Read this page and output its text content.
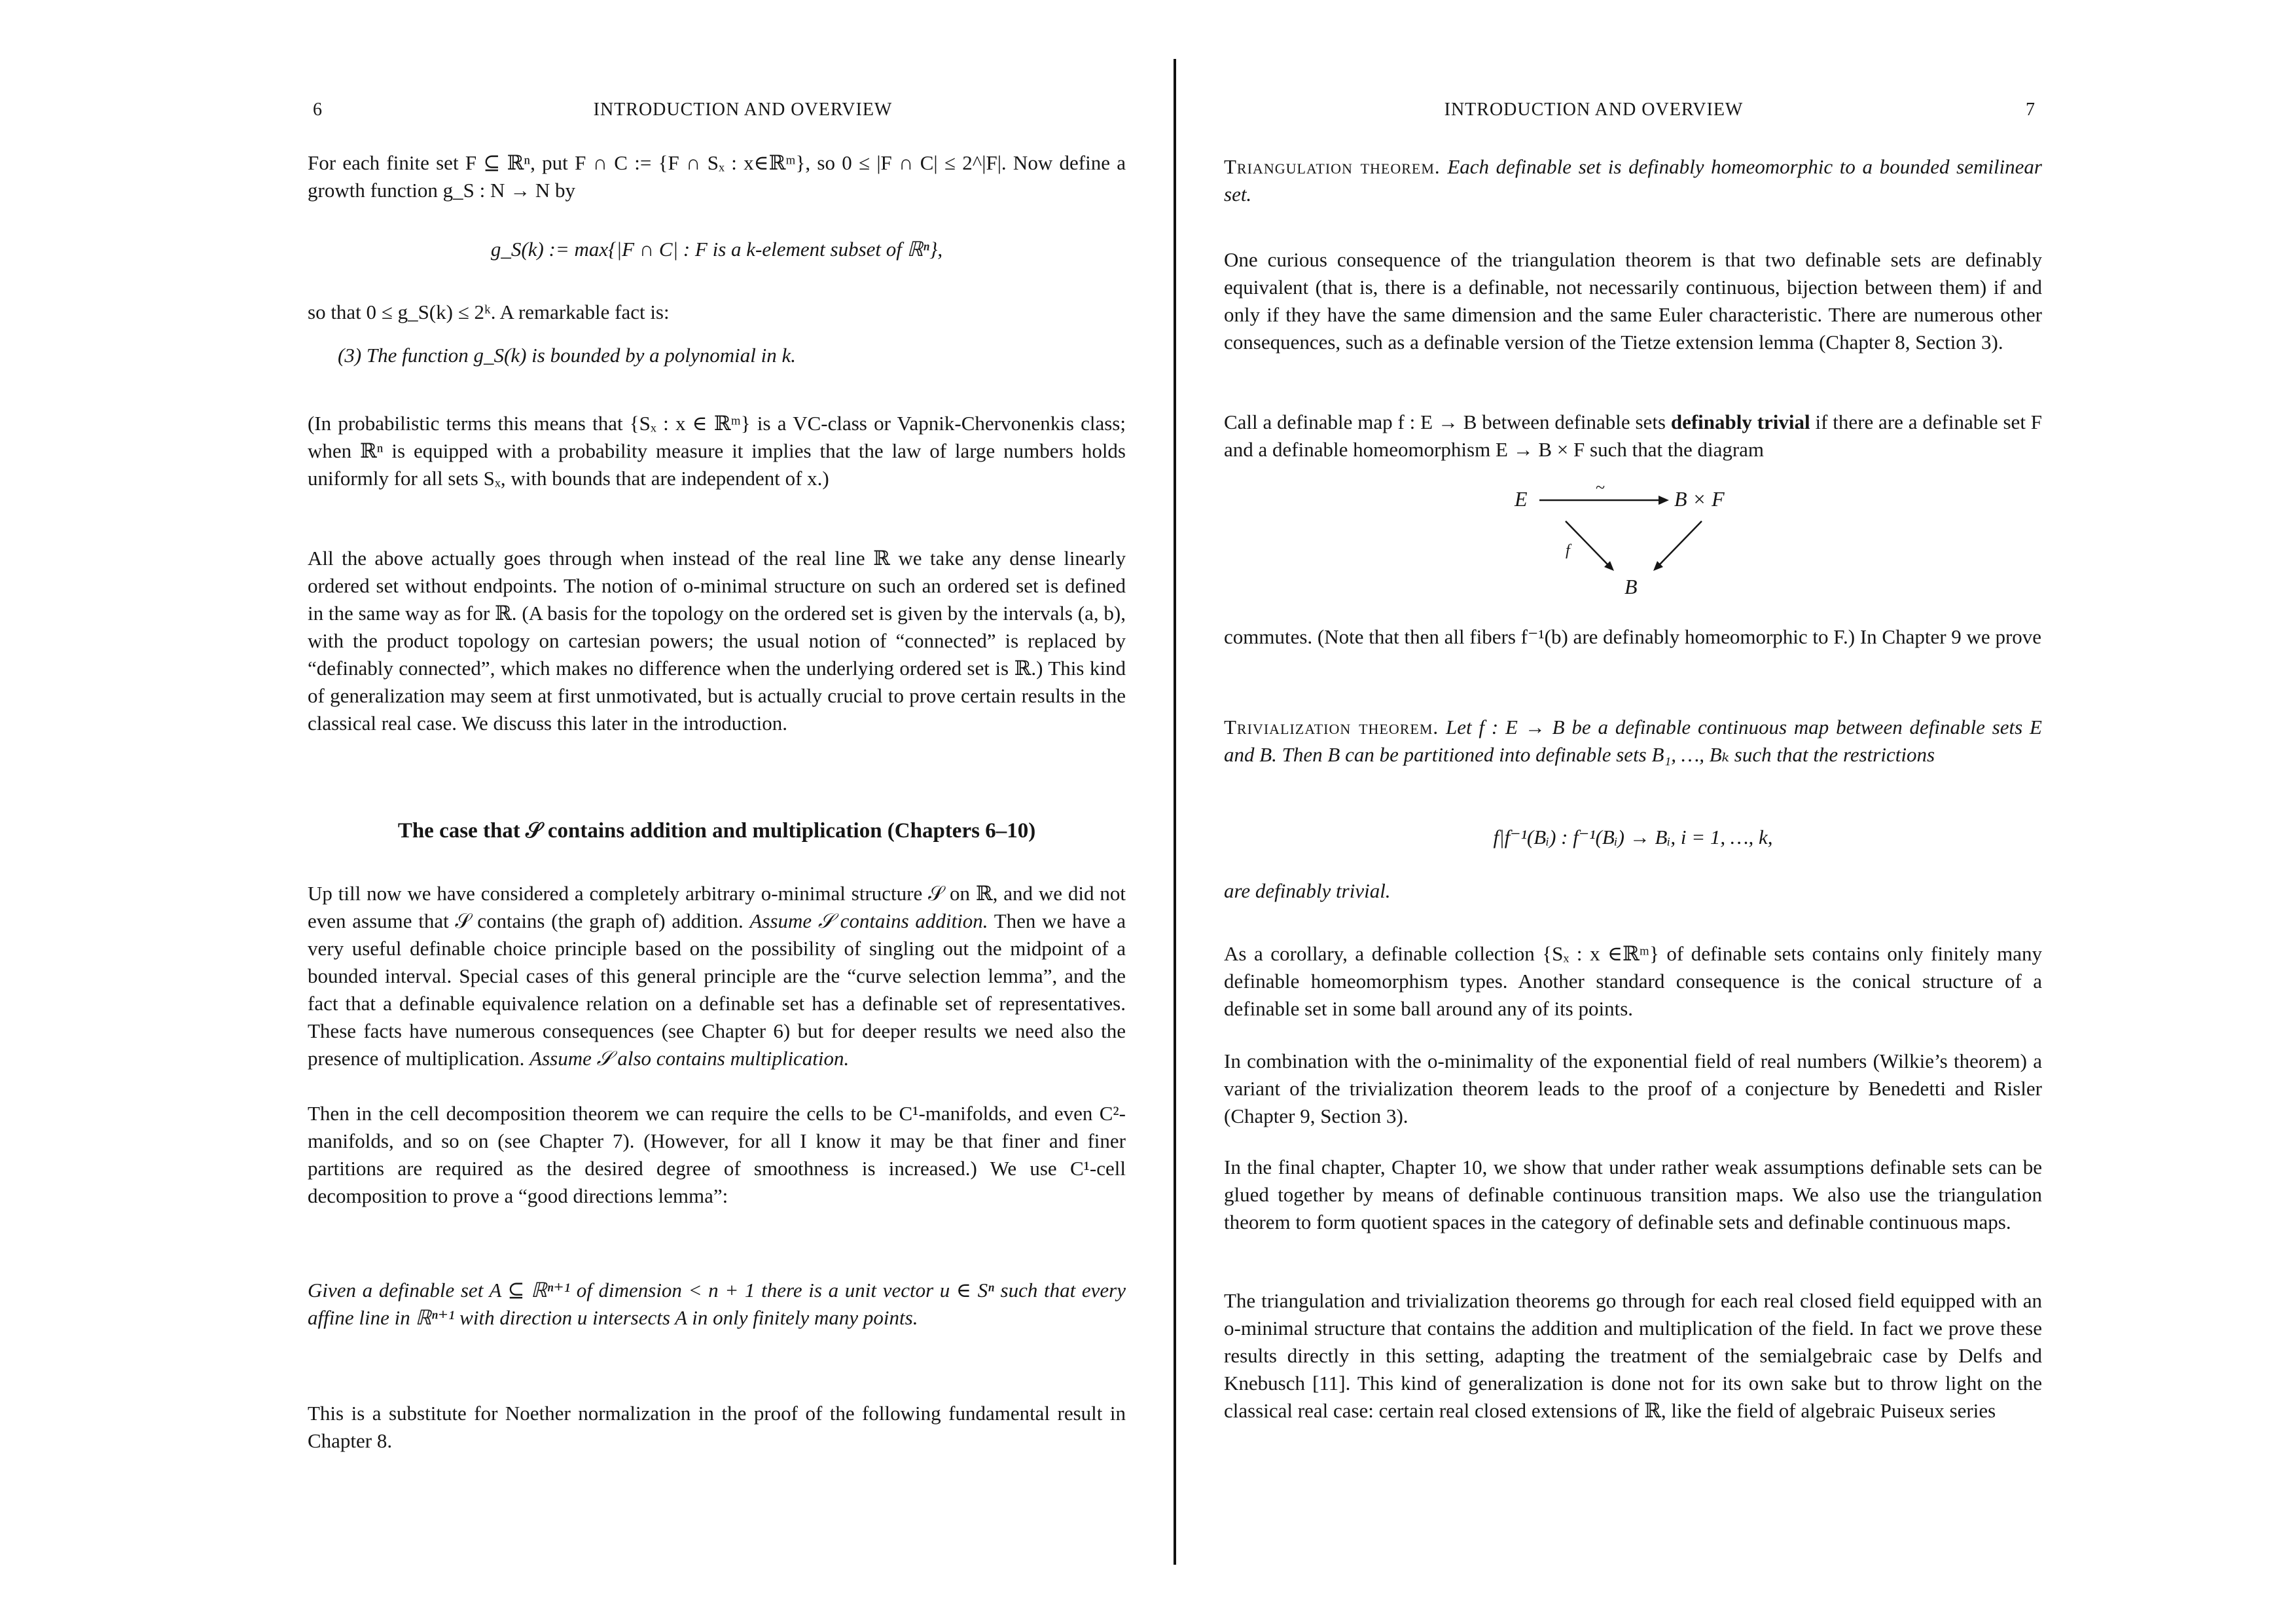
6	INTRODUCTION AND OVERVIEW

For each finite set F ⊆ ℝⁿ, put F ∩ C := {F ∩ Sₓ : x∈ℝᵐ}, so 0 ≤ |F ∩ C| ≤ 2^|F|. Now define a growth function g_S : N → N by

g_S(k) := max{|F ∩ C| : F is a k-element subset of ℝⁿ},
so that 0 ≤ g_S(k) ≤ 2ᵏ. A remarkable fact is:
(3) The function g_S(k) is bounded by a polynomial in k.
(In probabilistic terms this means that {Sₓ : x ∈ ℝᵐ} is a VC-class or Vapnik-Chervonenkis class; when ℝⁿ is equipped with a probability measure it implies that the law of large numbers holds uniformly for all sets Sₓ, with bounds that are independent of x.)
All the above actually goes through when instead of the real line ℝ we take any dense linearly ordered set without endpoints. The notion of o-minimal structure on such an ordered set is defined in the same way as for ℝ. (A basis for the topology on the ordered set is given by the intervals (a, b), with the product topology on cartesian powers; the usual notion of “connected” is replaced by “definably connected”, which makes no difference when the underlying ordered set is ℝ.) This kind of generalization may seem at first unmotivated, but is actually crucial to prove certain results in the classical real case. We discuss this later in the introduction.
The case that 𝒮 contains addition and multiplication (Chapters 6–10)

Up till now we have considered a completely arbitrary o-minimal structure 𝒮 on ℝ, and we did not even assume that 𝒮 contains (the graph of) addition. Assume 𝒮 contains addition. Then we have a very useful definable choice principle based on the possibility of singling out the midpoint of a bounded interval. Special cases of this general principle are the “curve selection lemma”, and the fact that a definable equivalence relation on a definable set has a definable set of representatives. These facts have numerous consequences (see Chapter 6) but for deeper results we need also the presence of multiplication. Assume 𝒮 also contains multiplication.

Then in the cell decomposition theorem we can require the cells to be C¹-manifolds, and even C²-manifolds, and so on (see Chapter 7). (However, for all I know it may be that finer and finer partitions are required as the desired degree of smoothness is increased.) We use C¹-cell decomposition to prove a “good directions lemma”:
Given a definable set A ⊆ ℝⁿ⁺¹ of dimension < n + 1 there is a unit vector u ∈ Sⁿ such that every affine line in ℝⁿ⁺¹ with direction u intersects A in only finitely many points.
This is a substitute for Noether normalization in the proof of the following fundamental result in Chapter 8.
INTRODUCTION AND OVERVIEW	7

Triangulation theorem. Each definable set is definably homeomorphic to a bounded semilinear set.

One curious consequence of the triangulation theorem is that two definable sets are definably equivalent (that is, there is a definable, not necessarily continuous, bijection between them) if and only if they have the same dimension and the same Euler characteristic. There are numerous other consequences, such as a definable version of the Tietze extension lemma (Chapter 8, Section 3).

Call a definable map f : E → B between definable sets definably trivial if there are a definable set F and a definable homeomorphism E → B × F such that the diagram

E	B × F
B
~
f
commutes. (Note that then all fibers f⁻¹(b) are definably homeomorphic to F.) In Chapter 9 we prove

Trivialization theorem. Let f : E → B be a definable continuous map between definable sets E and B. Then B can be partitioned into definable sets B₁, …, Bₖ such that the restrictions

f|f⁻¹(Bᵢ) : f⁻¹(Bᵢ) → Bᵢ, i = 1, …, k,
are definably trivial.
As a corollary, a definable collection {Sₓ : x ∈ℝᵐ} of definable sets contains only finitely many definable homeomorphism types. Another standard consequence is the conical structure of a definable set in some ball around any of its points.
In combination with the o-minimality of the exponential field of real numbers (Wilkie’s theorem) a variant of the trivialization theorem leads to the proof of a conjecture by Benedetti and Risler (Chapter 9, Section 3).
In the final chapter, Chapter 10, we show that under rather weak assumptions definable sets can be glued together by means of definable continuous transition maps. We also use the triangulation theorem to form quotient spaces in the category of definable sets and definable continuous maps.
The triangulation and trivialization theorems go through for each real closed field equipped with an o-minimal structure that contains the addition and multiplication of the field. In fact we prove these results directly in this setting, adapting the treatment of the semialgebraic case by Delfs and Knebusch [11]. This kind of generalization is done not for its own sake but to throw light on the classical real case: certain real closed extensions of ℝ, like the field of algebraic Puiseux series
